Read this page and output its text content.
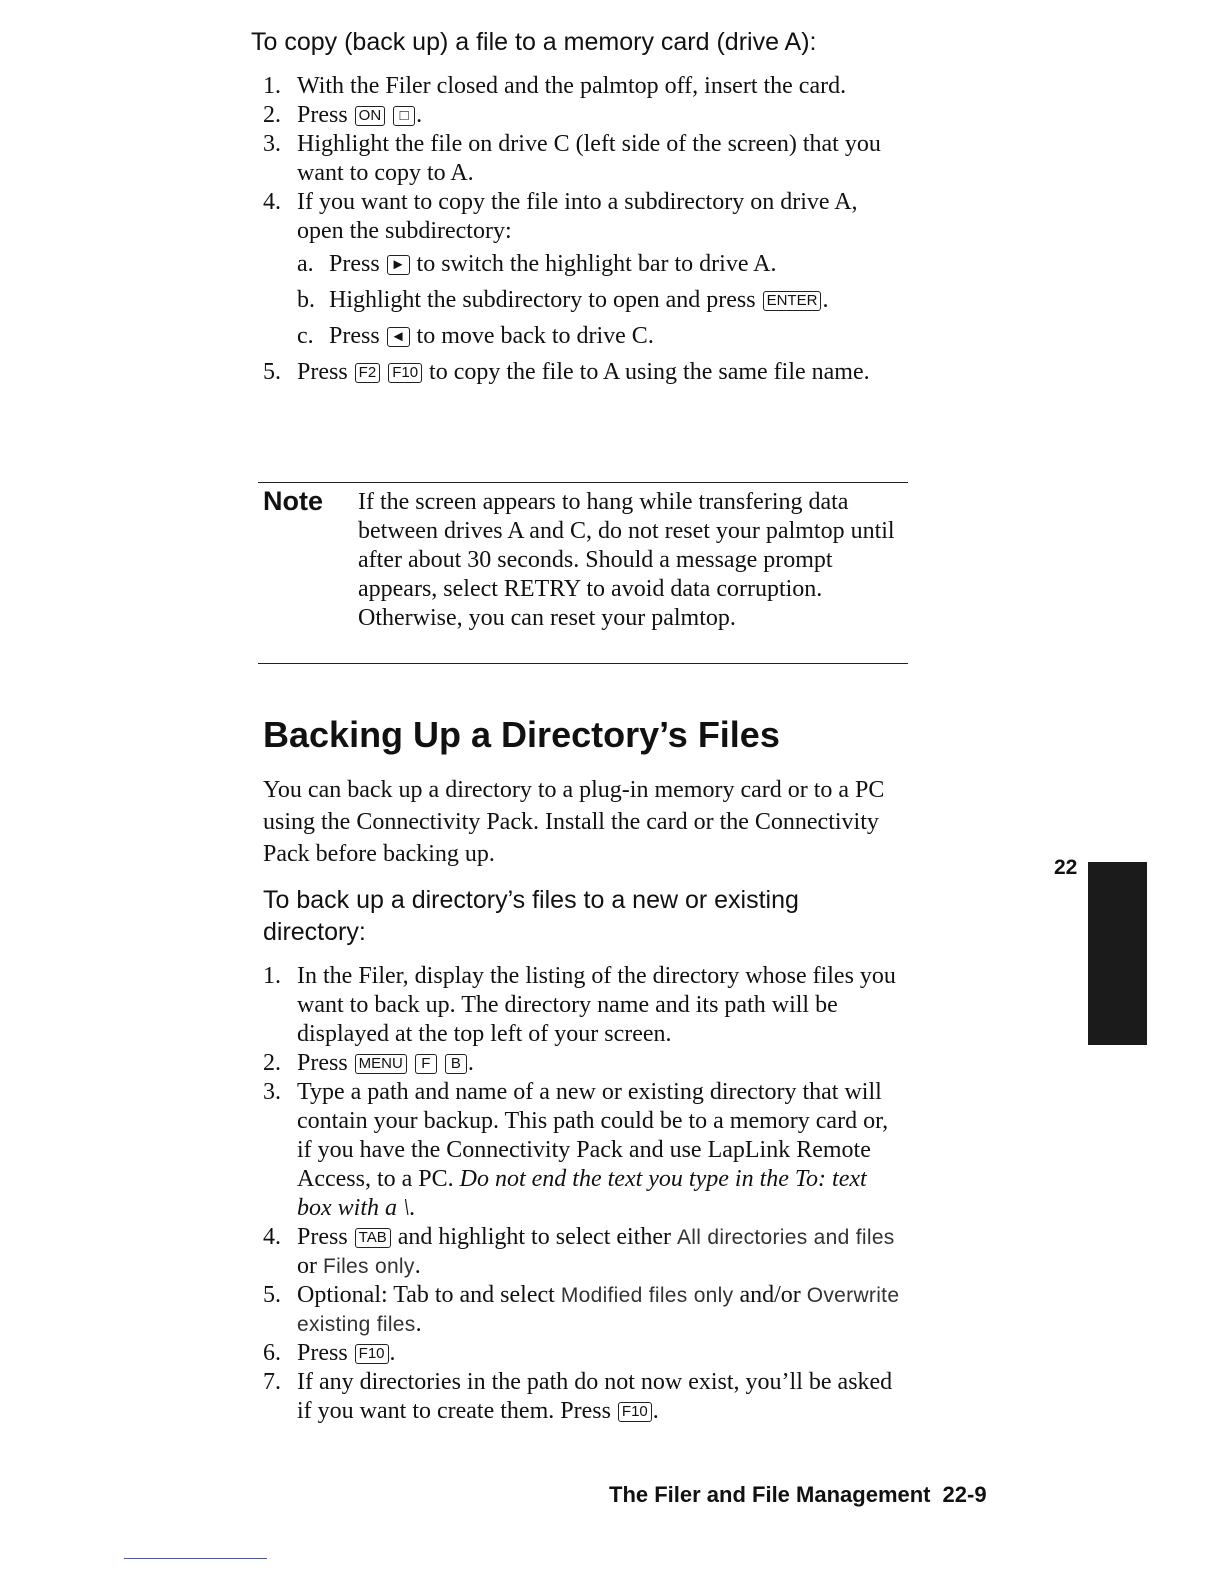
To copy (back up) a file to a memory card (drive A):
1. With the Filer closed and the palmtop off, insert the card.
2. Press ON □ .
3. Highlight the file on drive C (left side of the screen) that you want to copy to A.
4. If you want to copy the file into a subdirectory on drive A, open the subdirectory:
a. Press ► to switch the highlight bar to drive A.
b. Highlight the subdirectory to open and press ENTER .
c. Press ◄ to move back to drive C.
5. Press F2 F10 to copy the file to A using the same file name.
Note If the screen appears to hang while transfering data between drives A and C, do not reset your palmtop until after about 30 seconds. Should a message prompt appears, select RETRY to avoid data corruption. Otherwise, you can reset your palmtop.
Backing Up a Directory’s Files
You can back up a directory to a plug-in memory card or to a PC using the Connectivity Pack. Install the card or the Connectivity Pack before backing up.
To back up a directory’s files to a new or existing directory:
1. In the Filer, display the listing of the directory whose files you want to back up. The directory name and its path will be displayed at the top left of your screen.
2. Press MENU F B .
3. Type a path and name of a new or existing directory that will contain your backup. This path could be to a memory card or, if you have the Connectivity Pack and use LapLink Remote Access, to a PC. Do not end the text you type in the To: text box with a \.
4. Press TAB and highlight to select either All directories and files or Files only.
5. Optional: Tab to and select Modified files only and/or Overwrite existing files.
6. Press F10 .
7. If any directories in the path do not now exist, you’ll be asked if you want to create them. Press F10 .
22
The Filer and File Management 22-9
